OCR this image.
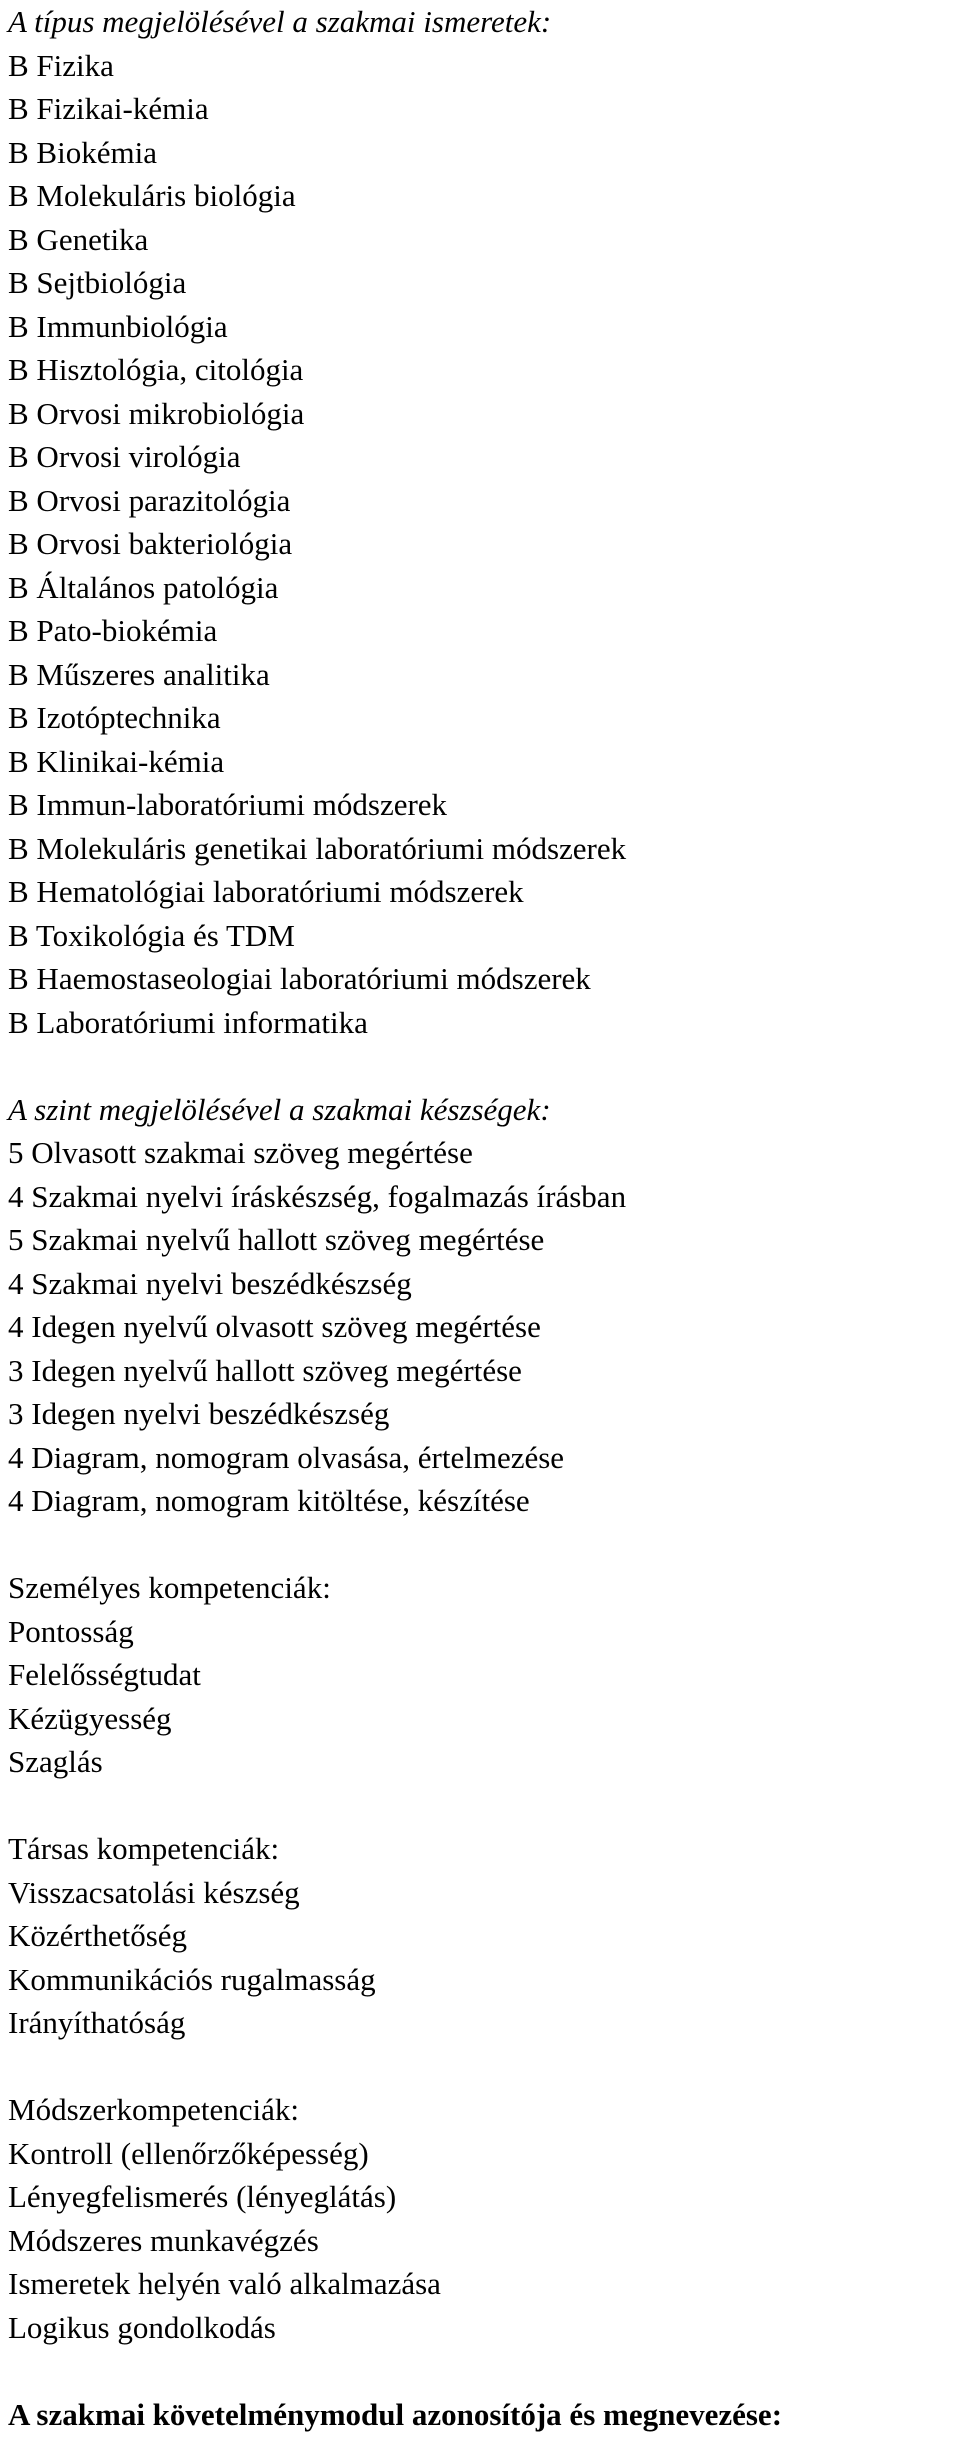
A típus megjelölésével a szakmai ismeretek:

B Fizika

B Fizikai-kémia

B Biokémia

B Molekuláris biológia

B Genetika

B Sejtbiológia

B Immunbiológia

B Hisztológia, citológia

B Orvosi mikrobiológia

B Orvosi virológia

B Orvosi parazitológia

B Orvosi bakteriológia

B Általános patológia

B Pato-biokémia

B Műszeres analitika

B Izotóptechnika

B Klinikai-kémia

B Immun-laboratóriumi módszerek

B Molekuláris genetikai laboratóriumi módszerek

B Hematológiai laboratóriumi módszerek

B Toxikológia és TDM

B Haemostaseologiai laboratóriumi módszerek

B Laboratóriumi informatika

A szint megjelölésével a szakmai készségek:

5 Olvasott szakmai szöveg megértése

4 Szakmai nyelvi íráskészség, fogalmazás írásban

5 Szakmai nyelvű hallott szöveg megértése

4 Szakmai nyelvi beszédkészség

4 Idegen nyelvű olvasott szöveg megértése

3 Idegen nyelvű hallott szöveg megértése

3 Idegen nyelvi beszédkészség

4 Diagram, nomogram olvasása, értelmezése

4 Diagram, nomogram kitöltése, készítése

Személyes kompetenciák:

Pontosság

Felelősségtudat

Kézügyesség

Szaglás

Társas kompetenciák:

Visszacsatolási készség

Közérthetőség

Kommunikációs rugalmasság

Irányíthatóság

Módszerkompetenciák:

Kontroll (ellenőrzőképesség)

Lényegfelismerés (lényeglátás)

Módszeres munkavégzés

Ismeretek helyén való alkalmazása

Logikus gondolkodás

A szakmai követelménymodul azonosítója és megnevezése:
